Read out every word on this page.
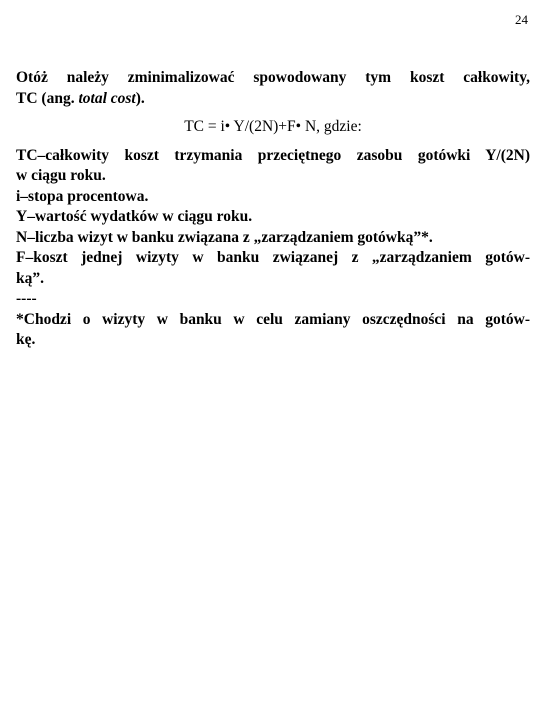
24
Otóż należy zminimalizować spowodowany tym koszt całkowity,
TC (ang. total cost).
TC = i• Y/(2N)+F• N, gdzie:
TC–całkowity koszt trzymania przeciętnego zasobu gotówki Y/(2N)
w ciągu roku.
i–stopa procentowa.
Y–wartość wydatków w ciągu roku.
N–liczba wizyt w banku związana z „zarządzaniem gotówką”*.
F–koszt jednej wizyty w banku związanej z „zarządzaniem gotów-
ką”.
----
*Chodzi o wizyty w banku w celu zamiany oszczędności na gotów-
kę.
